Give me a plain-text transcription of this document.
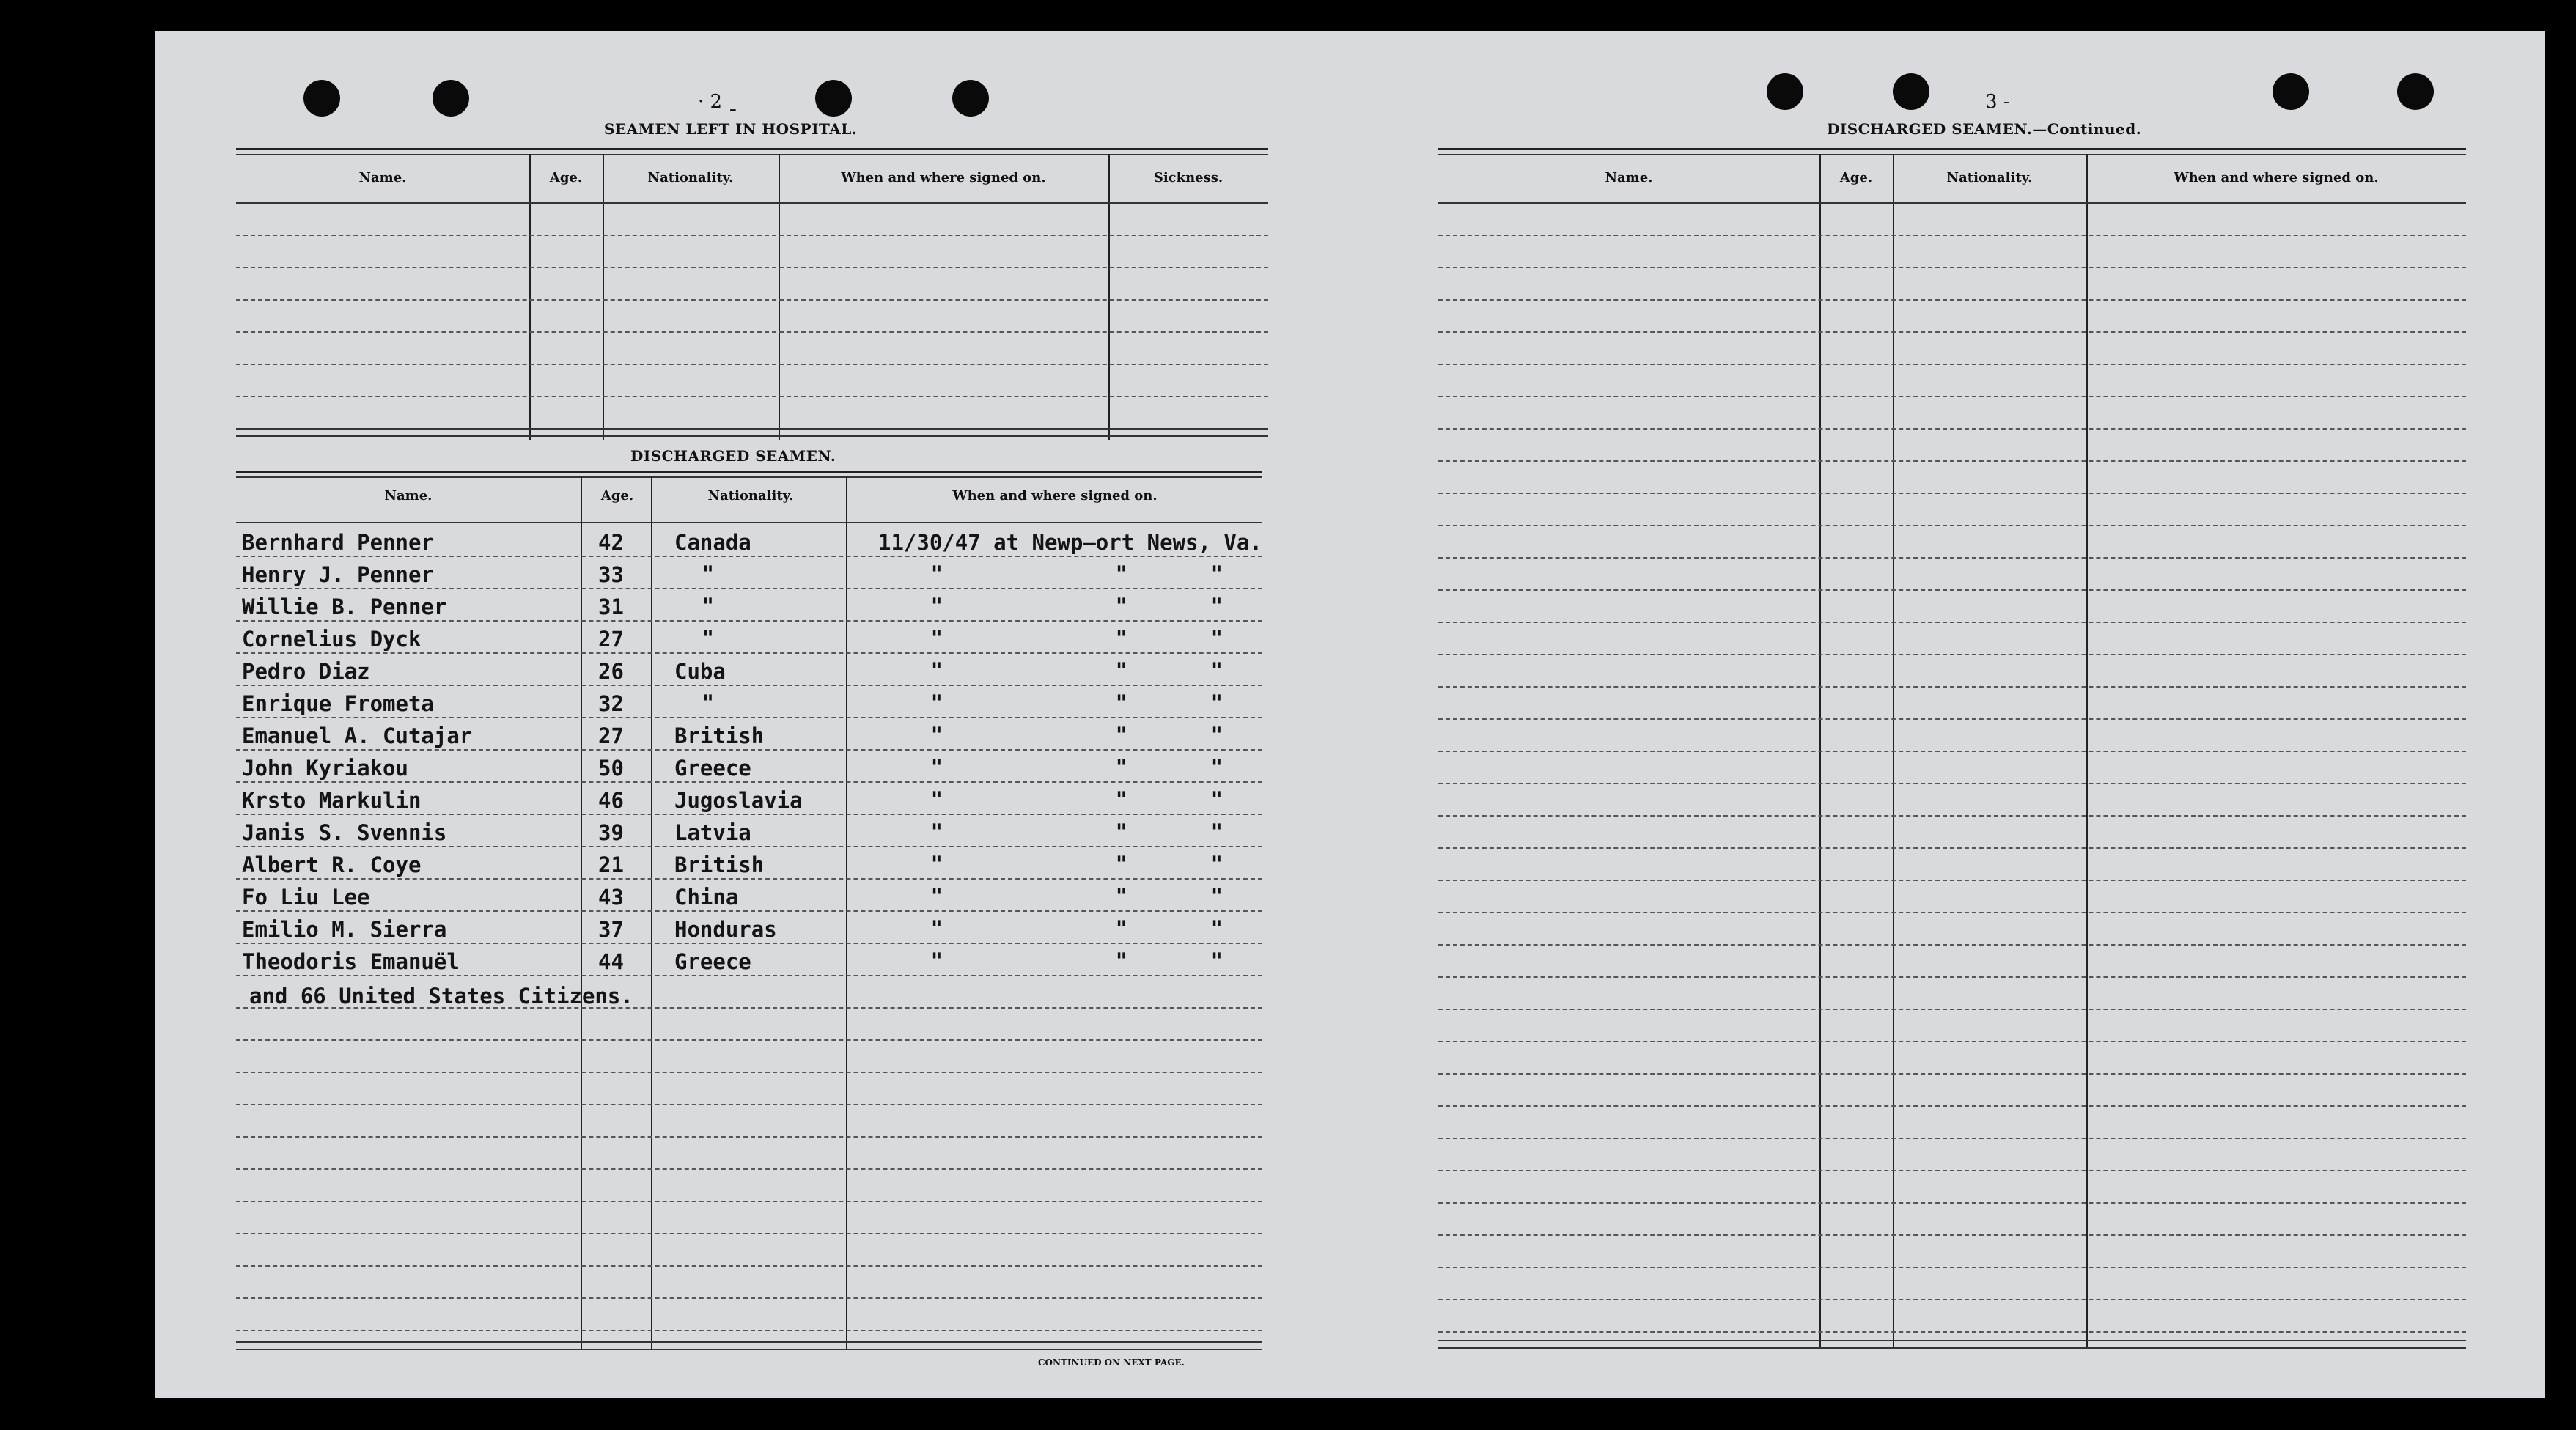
· 2 ˍ
SEAMEN LEFT IN HOSPITAL.
Name.	Age.	Nationality.	When and where signed on.	Sickness.
DISCHARGED SEAMEN.
Name.	Age.	Nationality.	When and where signed on.
Bernhard Penner	42 Canada	11/30/47 at Newp̶ort News, Va.
Henry J. Penner	33	"	"	"	"
Willie B. Penner	31	"	"	"	"
Cornelius Dyck	27	"	"	"	"
Pedro Diaz	26 Cuba	"	"	"
Enrique Frometa	32	"	"	"	"
Emanuel A. Cutajar	27 British	"	"	"
John Kyriakou	50 Greece	"	"	"
Krsto Markulin	46 Jugoslavia	"	"	"
Janis S. Svennis	39 Latvia	"	"	"
Albert R. Coye	21 British	"	"	"
Fo Liu Lee	43 China	"	"	"
Emilio M. Sierra	37 Honduras	"	"	"
Theodoris Emanuël	44 Greece	"	"	"
and 66 United States Citizens.
CONTINUED ON NEXT PAGE.
3 ˗
DISCHARGED SEAMEN.—Continued.
Name.	Age.	Nationality.	When and where signed on.
